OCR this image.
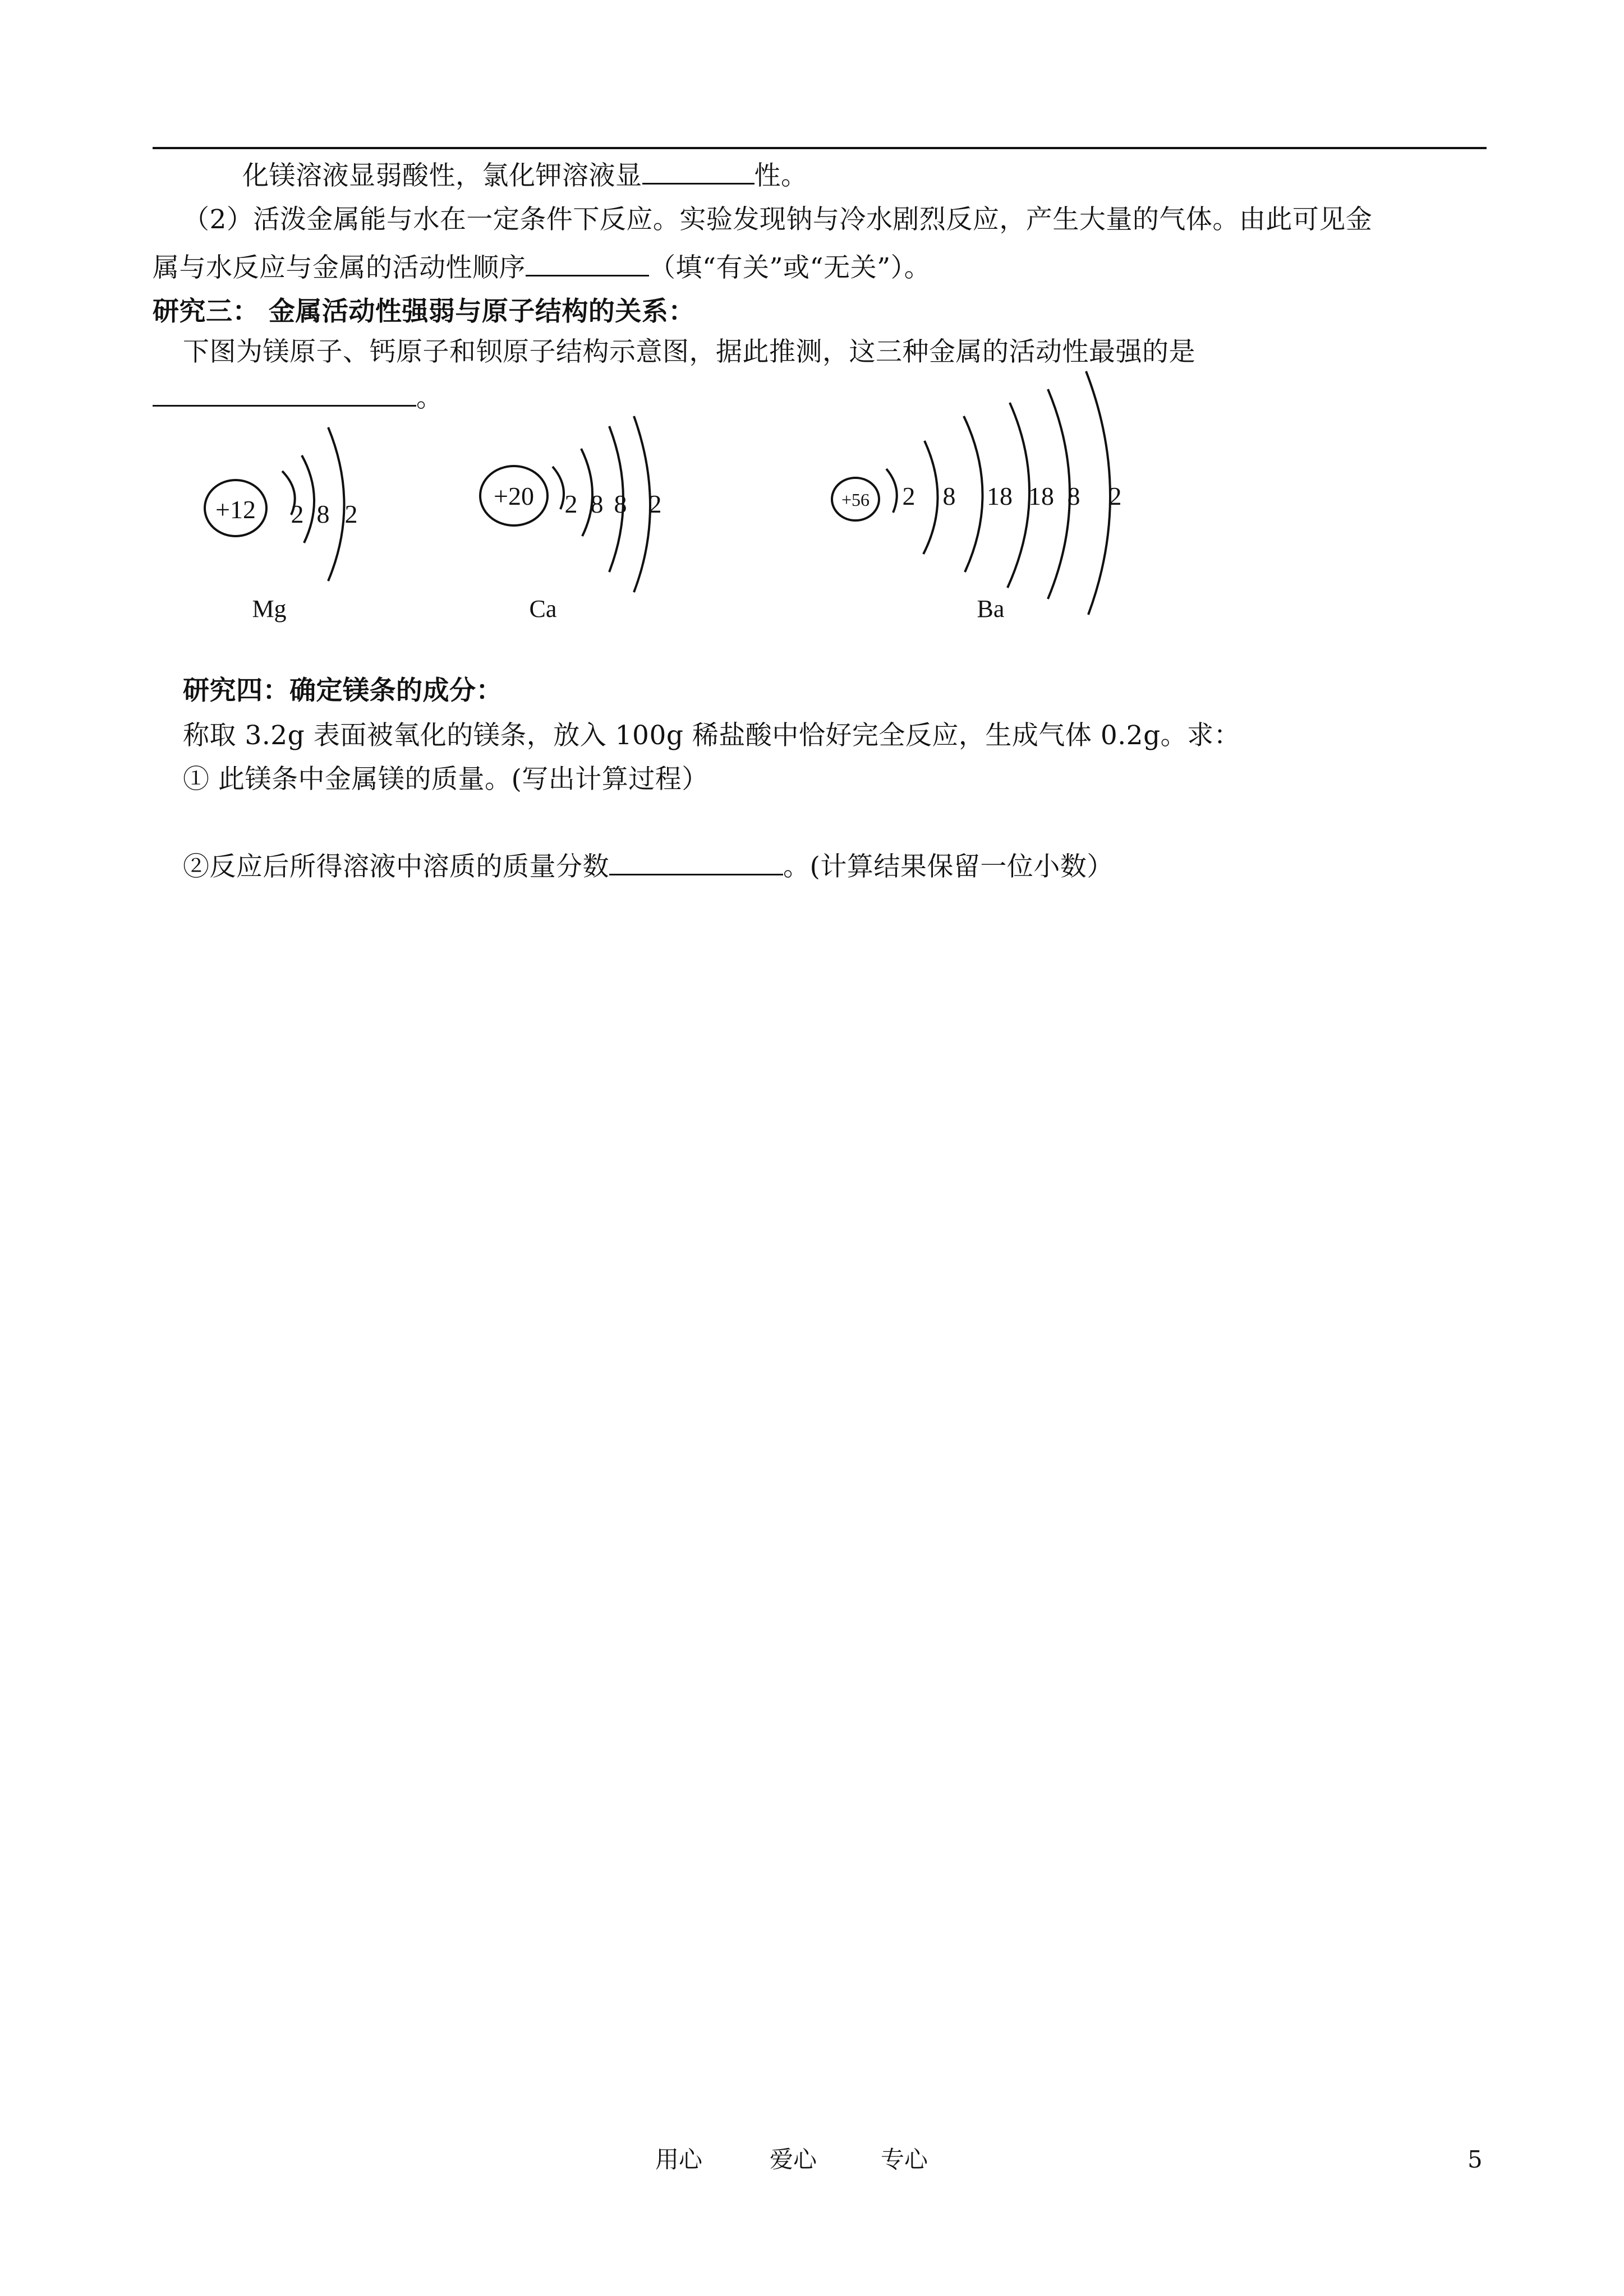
化镁溶液显弱酸性，氯化钾溶液显	性。
（2）活泼金属能与水在一定条件下反应。实验发现钠与冷水剧烈反应，产生大量的气体。由此可见金
属与水反应与金属的活动性顺序	（填“有关”或“无关”）。
研究三： 金属活动性强弱与原子结构的关系：
下图为镁原子、钙原子和钡原子结构示意图，据此推测，这三种金属的活动性最强的是
。
+12 2 8 2
Mg
+20 2 8 8 2
Ca
+56 2 8 18 18 8 2
Ba
研究四：确定镁条的成分：
称取 3.2g 表面被氧化的镁条，放入 100g 稀盐酸中恰好完全反应，生成气体 0.2g。求：
① 此镁条中金属镁的质量。(写出计算过程）
②反应后所得溶液中溶质的质量分数	。(计算结果保留一位小数）
用心	爱心	专心	5
